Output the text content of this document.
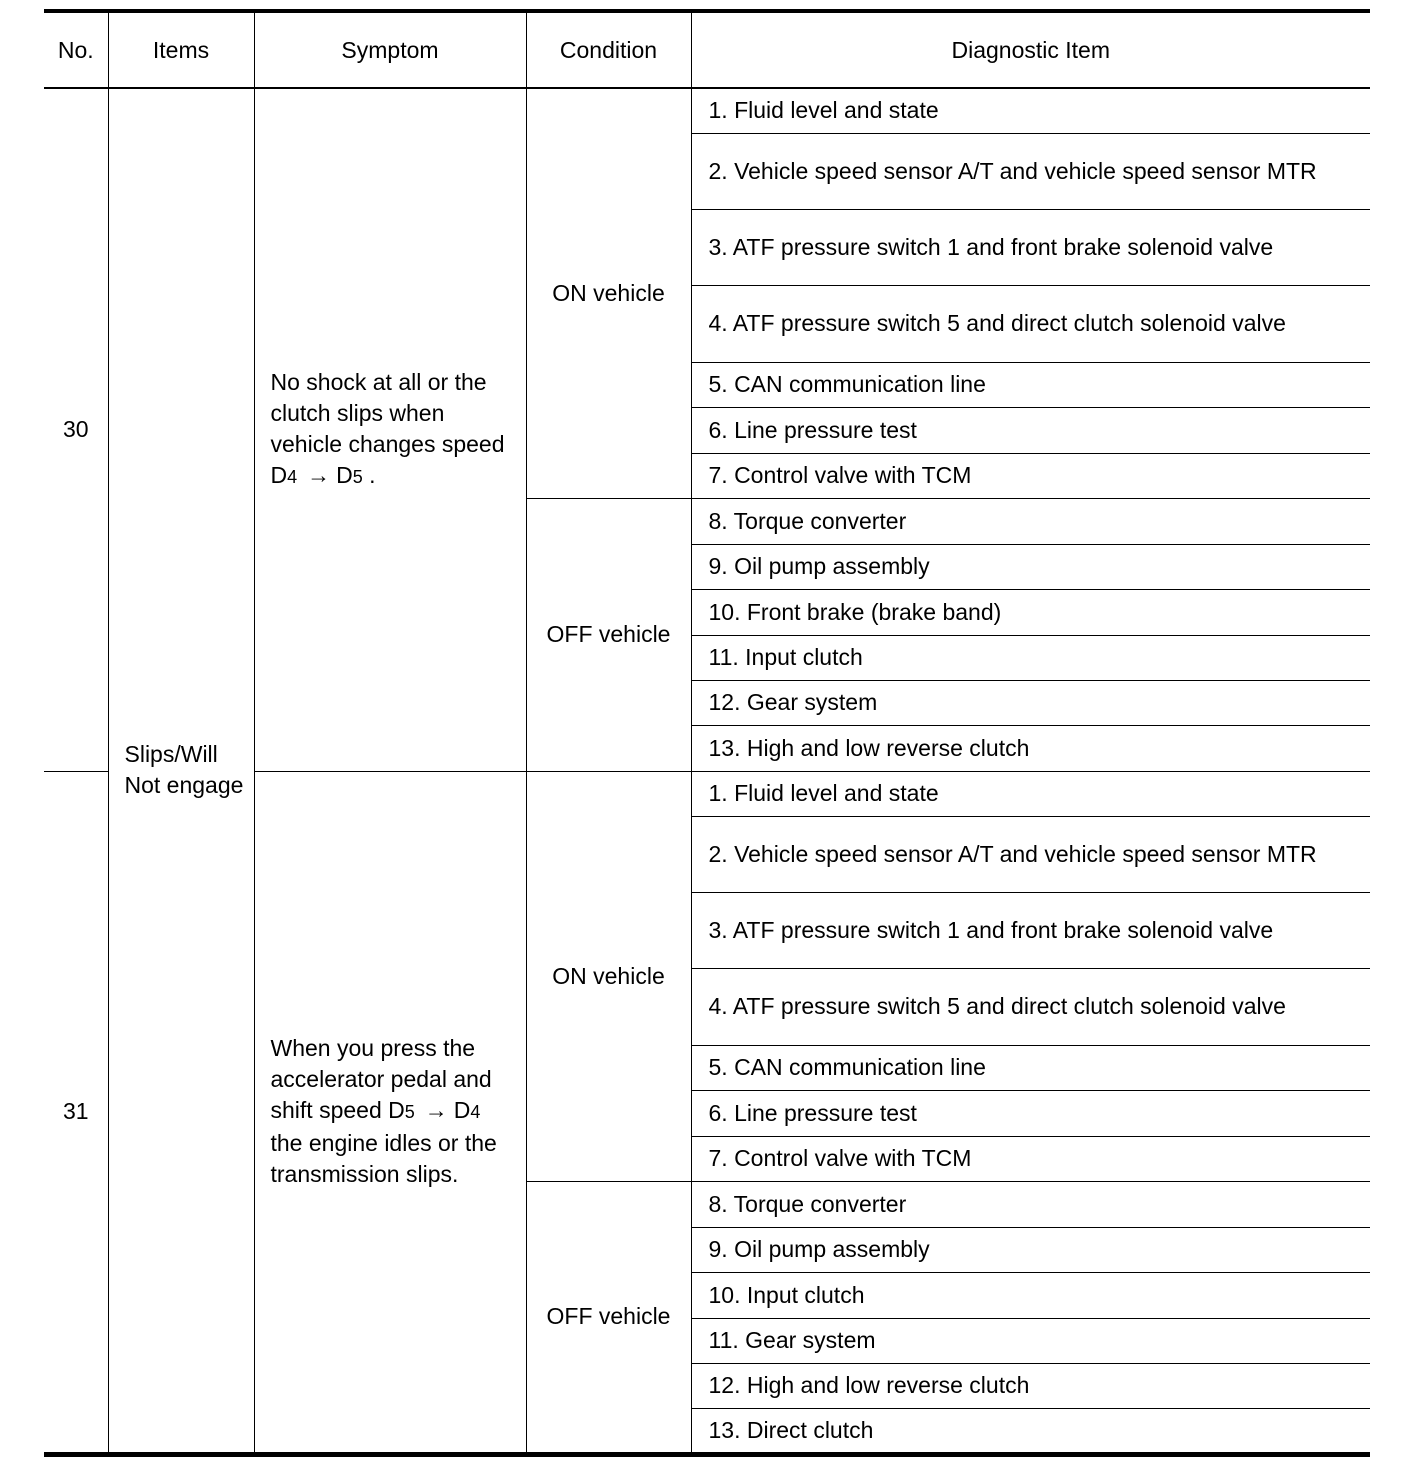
No.	Items	Symptom	Condition	Diagnostic Item
30	Slips/Will Not engage	No shock at all or the clutch slips when vehicle changes speed D4 → D5 .	ON vehicle	1. Fluid level and state
				2. Vehicle speed sensor A/T and vehicle speed sensor MTR
				3. ATF pressure switch 1 and front brake solenoid valve
				4. ATF pressure switch 5 and direct clutch solenoid valve
				5. CAN communication line
				6. Line pressure test
				7. Control valve with TCM
			OFF vehicle	8. Torque converter
				9. Oil pump assembly
				10. Front brake (brake band)
				11. Input clutch
				12. Gear system
				13. High and low reverse clutch
31		When you press the accelerator pedal and shift speed D5 → D4 the engine idles or the transmission slips.	ON vehicle	1. Fluid level and state
				2. Vehicle speed sensor A/T and vehicle speed sensor MTR
				3. ATF pressure switch 1 and front brake solenoid valve
				4. ATF pressure switch 5 and direct clutch solenoid valve
				5. CAN communication line
				6. Line pressure test
				7. Control valve with TCM
			OFF vehicle	8. Torque converter
				9. Oil pump assembly
				10. Input clutch
				11. Gear system
				12. High and low reverse clutch
				13. Direct clutch
